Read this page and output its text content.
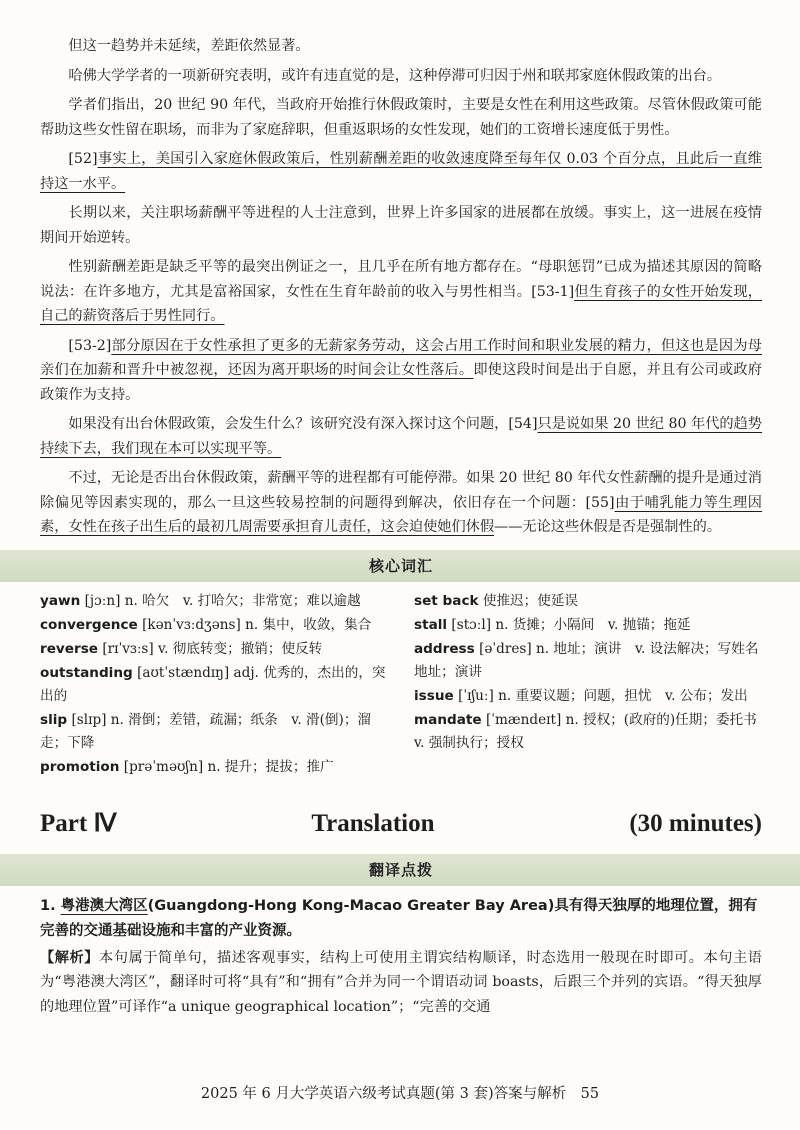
但这一趋势并未延续，差距依然显著。

哈佛大学学者的一项新研究表明，或许有违直觉的是，这种停滞可归因于州和联邦家庭休假政策的出台。

学者们指出，20 世纪 90 年代，当政府开始推行休假政策时，主要是女性在利用这些政策。尽管休假政策可能帮助这些女性留在职场，而非为了家庭辞职，但重返职场的女性发现，她们的工资增长速度低于男性。

[52]事实上，美国引入家庭休假政策后，性别薪酬差距的收敛速度降至每年仅 0.03 个百分点，且此后一直维持这一水平。

长期以来，关注职场薪酬平等进程的人士注意到，世界上许多国家的进展都在放缓。事实上，这一进展在疫情期间开始逆转。

性别薪酬差距是缺乏平等的最突出例证之一，且几乎在所有地方都存在。“母职惩罚”已成为描述其原因的简略说法：在许多地方，尤其是富裕国家，女性在生育年龄前的收入与男性相当。[53-1]但生育孩子的女性开始发现，自己的薪资落后于男性同行。

[53-2]部分原因在于女性承担了更多的无薪家务劳动，这会占用工作时间和职业发展的精力，但这也是因为母亲们在加薪和晋升中被忽视，还因为离开职场的时间会让女性落后。即使这段时间是出于自愿，并且有公司或政府政策作为支持。

如果没有出台休假政策，会发生什么？该研究没有深入探讨这个问题，[54]只是说如果 20 世纪 80 年代的趋势持续下去，我们现在本可以实现平等。

不过，无论是否出台休假政策，薪酬平等的进程都有可能停滞。如果 20 世纪 80 年代女性薪酬的提升是通过消除偏见等因素实现的，那么一旦这些较易控制的问题得到解决，依旧存在一个问题：[55]由于哺乳能力等生理因素，女性在孩子出生后的最初几周需要承担育儿责任，这会迫使她们休假——无论这些休假是否是强制性的。

核心词汇
yawn [jɔːn] n. 哈欠　v. 打哈欠；非常宽；难以逾越
convergence [kənˈvɜːdʒəns] n. 集中，收敛，集合
reverse [rɪˈvɜːs] v. 彻底转变；撤销；使反转
outstanding [aʊtˈstændɪŋ] adj. 优秀的，杰出的，突出的
slip [slɪp] n. 滑倒；差错，疏漏；纸条　v. 滑(倒)；溜走；下降
promotion [prəˈməʊʃn] n. 提升；提拔；推广
set back 使推迟；使延误
stall [stɔːl] n. 货摊；小隔间　v. 抛锚；拖延
address [əˈdres] n. 地址；演讲　v. 设法解决；写姓名地址；演讲
issue [ˈɪʃuː] n. 重要议题；问题，担忧　v. 公布；发出
mandate [ˈmændeɪt] n. 授权；(政府的)任期；委托书　v. 强制执行；授权
Part Ⅳ	Translation	(30 minutes)
翻译点拨

1. 粤港澳大湾区(Guangdong-Hong Kong-Macao Greater Bay Area)具有得天独厚的地理位置，拥有完善的交通基础设施和丰富的产业资源。

【解析】本句属于简单句，描述客观事实，结构上可使用主谓宾结构顺译，时态选用一般现在时即可。本句主语为“粤港澳大湾区”，翻译时可将“具有”和“拥有”合并为同一个谓语动词 boasts，后跟三个并列的宾语。“得天独厚的地理位置”可译作“a unique geographical location”；“完善的交通

2025 年 6 月大学英语六级考试真题(第 3 套)答案与解析　55
